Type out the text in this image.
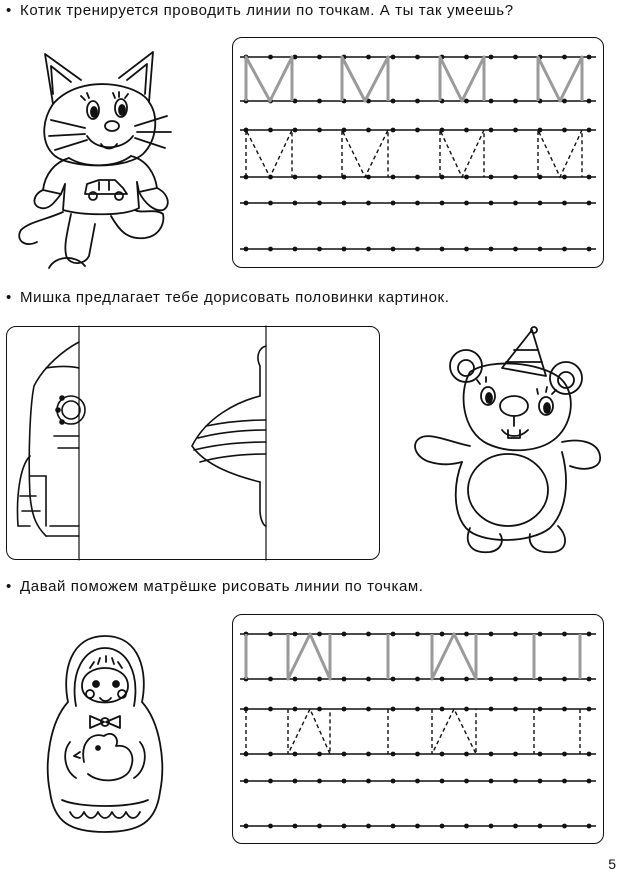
• Котик тренируется проводить линии по точкам. А ты так умеешь?
• Мишка предлагает тебе дорисовать половинки картинок.
• Давай поможем матрёшке рисовать линии по точкам.
5
